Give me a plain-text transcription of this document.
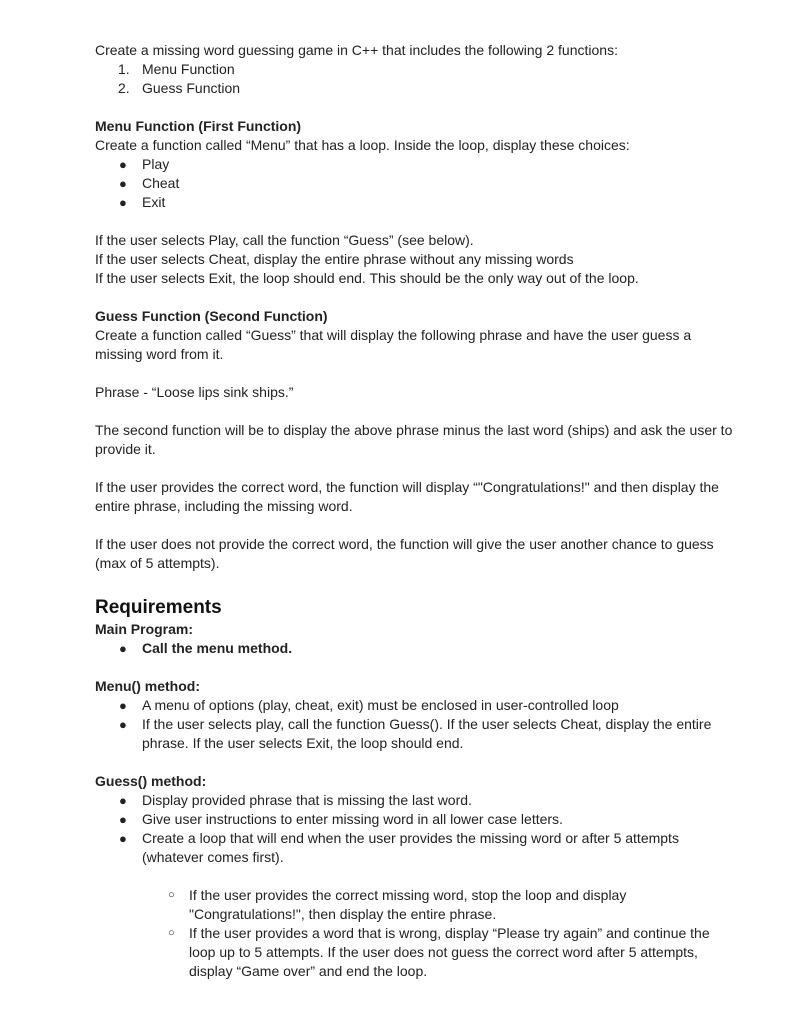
Create a missing word guessing game in C++ that includes the following 2 functions:

1. Menu Function
2. Guess Function

Menu Function (First Function)

Create a function called “Menu” that has a loop. Inside the loop, display these choices:

● Play
● Cheat
● Exit

If the user selects Play, call the function “Guess” (see below).

If the user selects Cheat, display the entire phrase without any missing words

If the user selects Exit, the loop should end. This should be the only way out of the loop.

Guess Function (Second Function)

Create a function called “Guess” that will display the following phrase and have the user guess a missing word from it.

Phrase - “Loose lips sink ships.”

The second function will be to display the above phrase minus the last word (ships) and ask the user to provide it.

If the user provides the correct word, the function will display “"Congratulations!" and then display the entire phrase, including the missing word.

If the user does not provide the correct word, the function will give the user another chance to guess (max of 5 attempts).

Requirements

Main Program:

● Call the menu method.

Menu() method:

● A menu of options (play, cheat, exit) must be enclosed in user-controlled loop
● If the user selects play, call the function Guess(). If the user selects Cheat, display the entire phrase. If the user selects Exit, the loop should end.

Guess() method:

● Display provided phrase that is missing the last word.
● Give user instructions to enter missing word in all lower case letters.
● Create a loop that will end when the user provides the missing word or after 5 attempts (whatever comes first).
○ If the user provides the correct missing word, stop the loop and display "Congratulations!", then display the entire phrase.
○ If the user provides a word that is wrong, display “Please try again” and continue the loop up to 5 attempts. If the user does not guess the correct word after 5 attempts, display “Game over” and end the loop.
